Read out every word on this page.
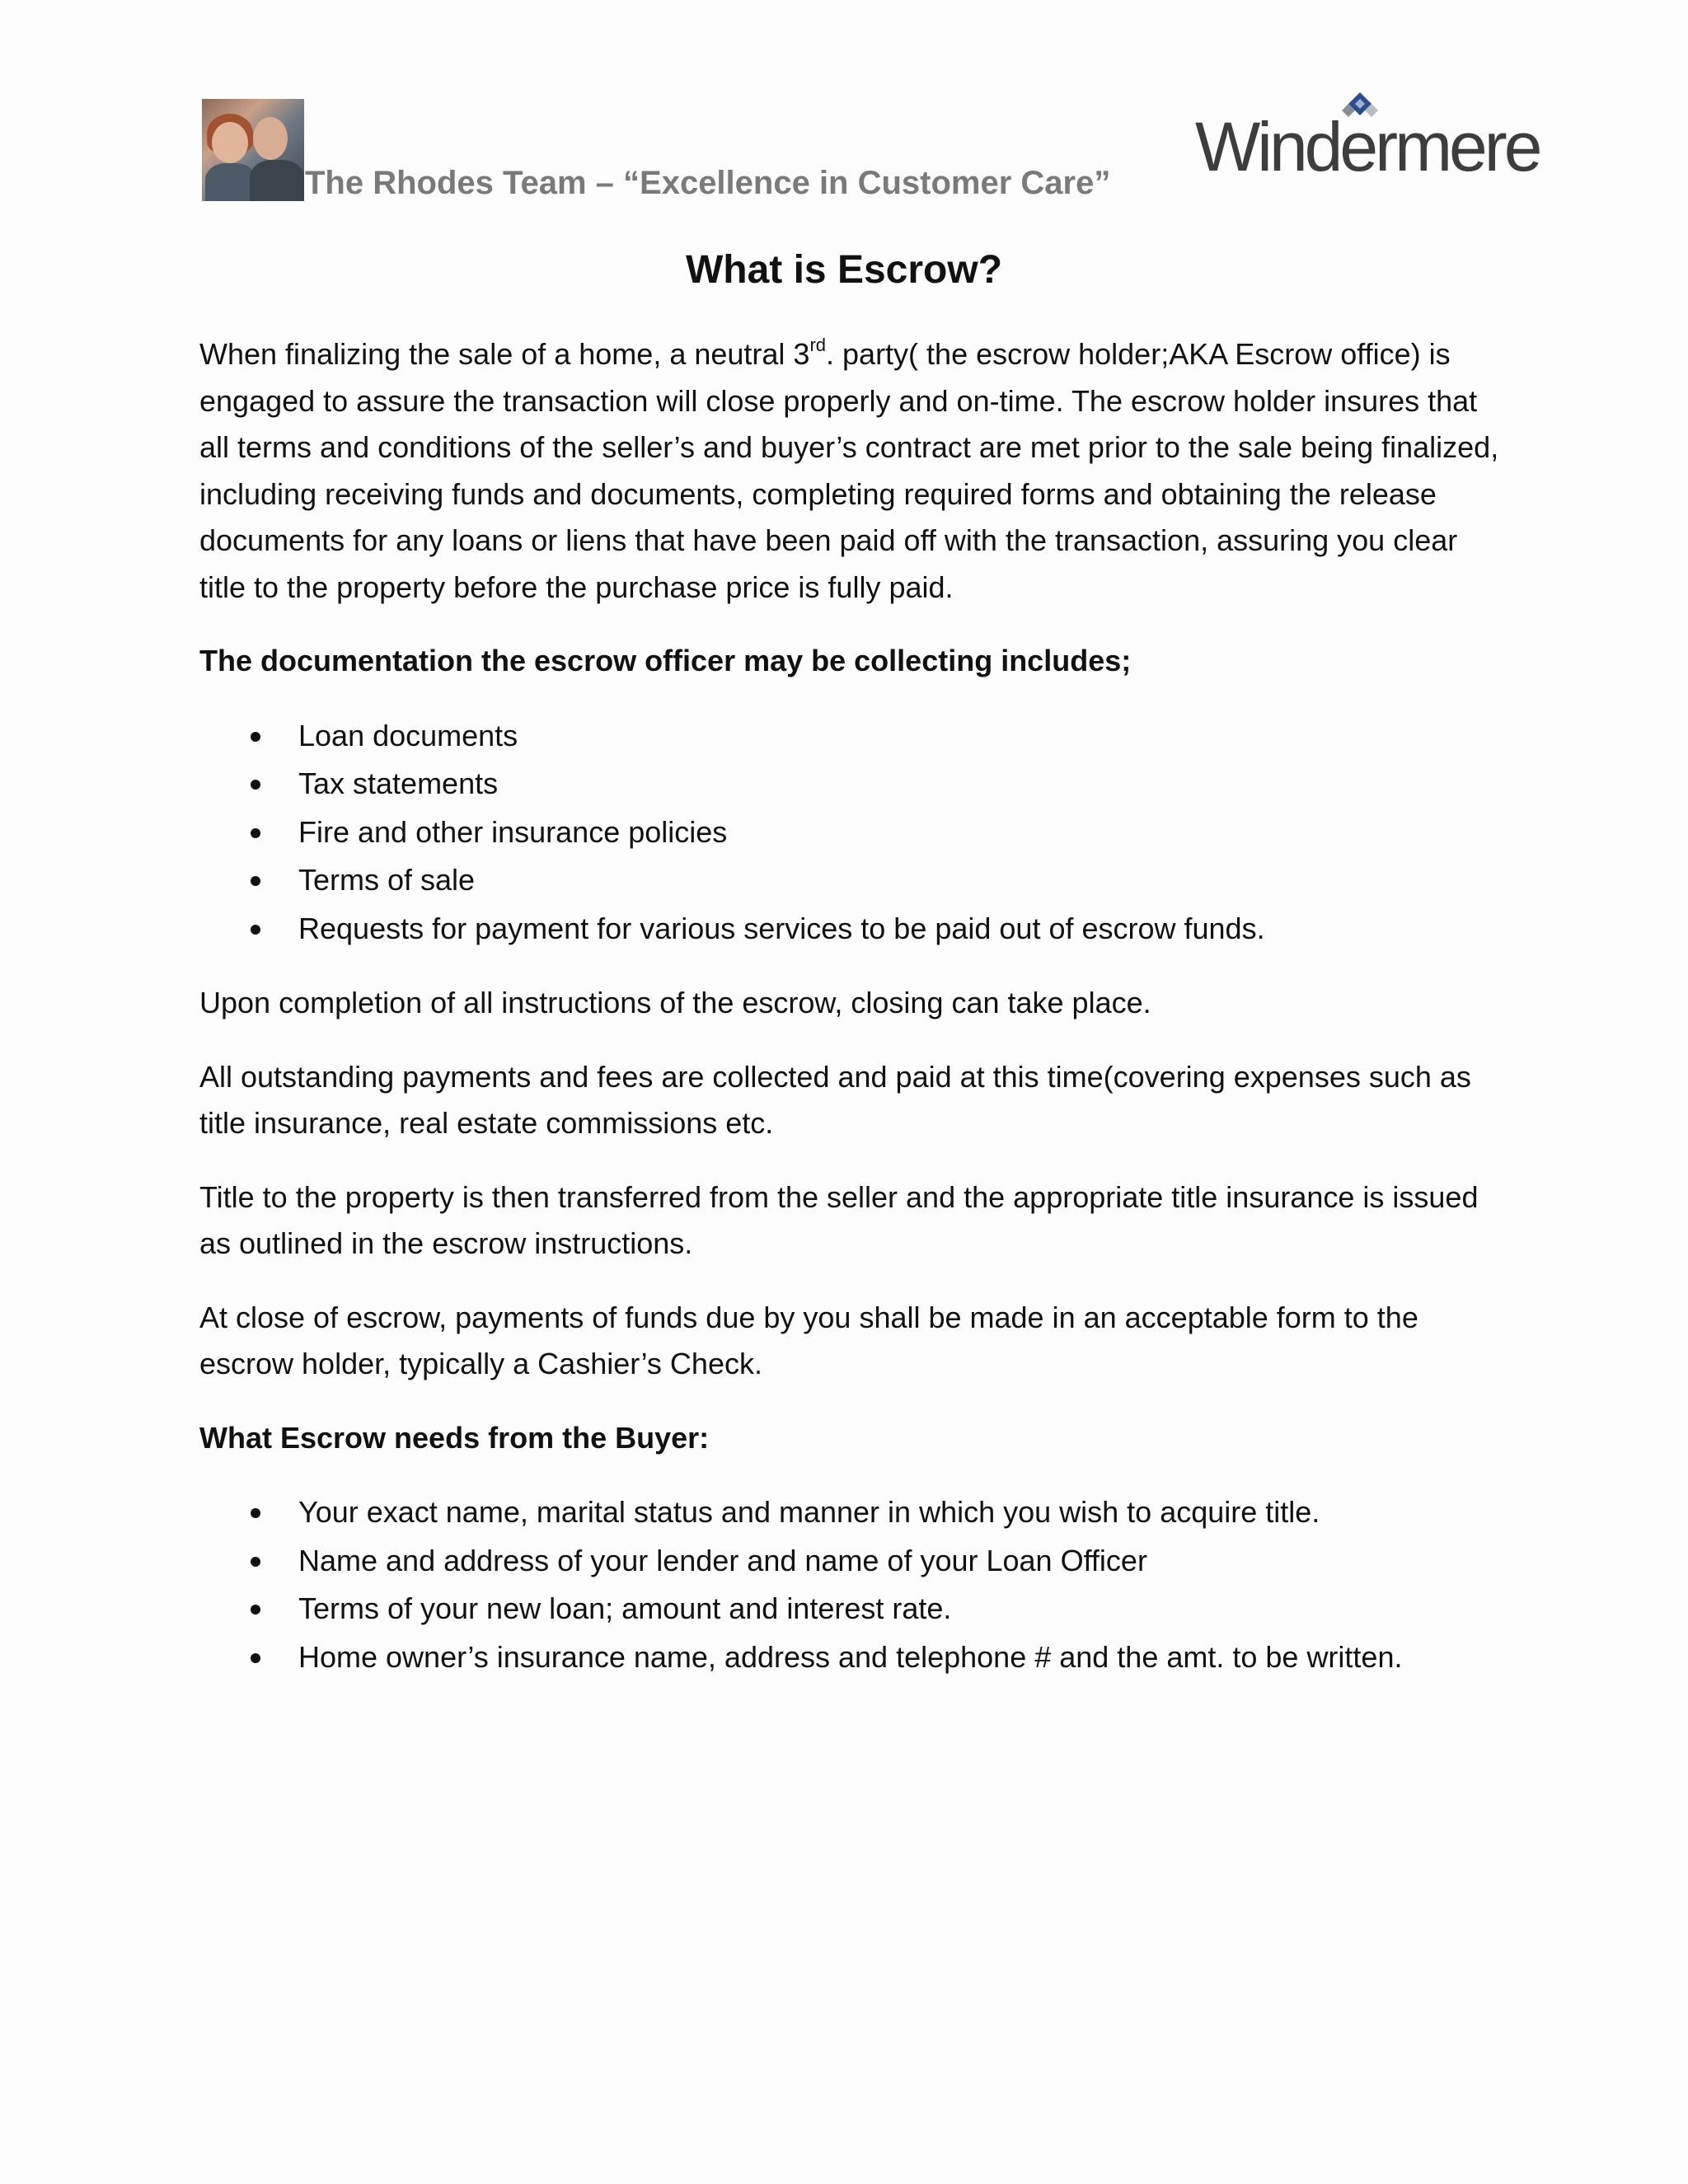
The Rhodes Team – “Excellence in Customer Care” Windermere
What is Escrow?

When finalizing the sale of a home, a neutral 3rd. party( the escrow holder;AKA Escrow office) is engaged to assure the transaction will close properly and on-time. The escrow holder insures that all terms and conditions of the seller’s and buyer’s contract are met prior to the sale being finalized, including receiving funds and documents, completing required forms and obtaining the release documents for any loans or liens that have been paid off with the transaction, assuring you clear title to the property before the purchase price is fully paid.

The documentation the escrow officer may be collecting includes;

Loan documents
Tax statements
Fire and other insurance policies
Terms of sale
Requests for payment for various services to be paid out of escrow funds.

Upon completion of all instructions of the escrow, closing can take place.

All outstanding payments and fees are collected and paid at this time(covering expenses such as title insurance, real estate commissions etc.

Title to the property is then transferred from the seller and the appropriate title insurance is issued as outlined in the escrow instructions.

At close of escrow, payments of funds due by you shall be made in an acceptable form to the escrow holder, typically a Cashier’s Check.

What Escrow needs from the Buyer:

Your exact name, marital status and manner in which you wish to acquire title.
Name and address of your lender and name of your Loan Officer
Terms of your new loan; amount and interest rate.
Home owner’s insurance name, address and telephone # and the amt. to be written.
